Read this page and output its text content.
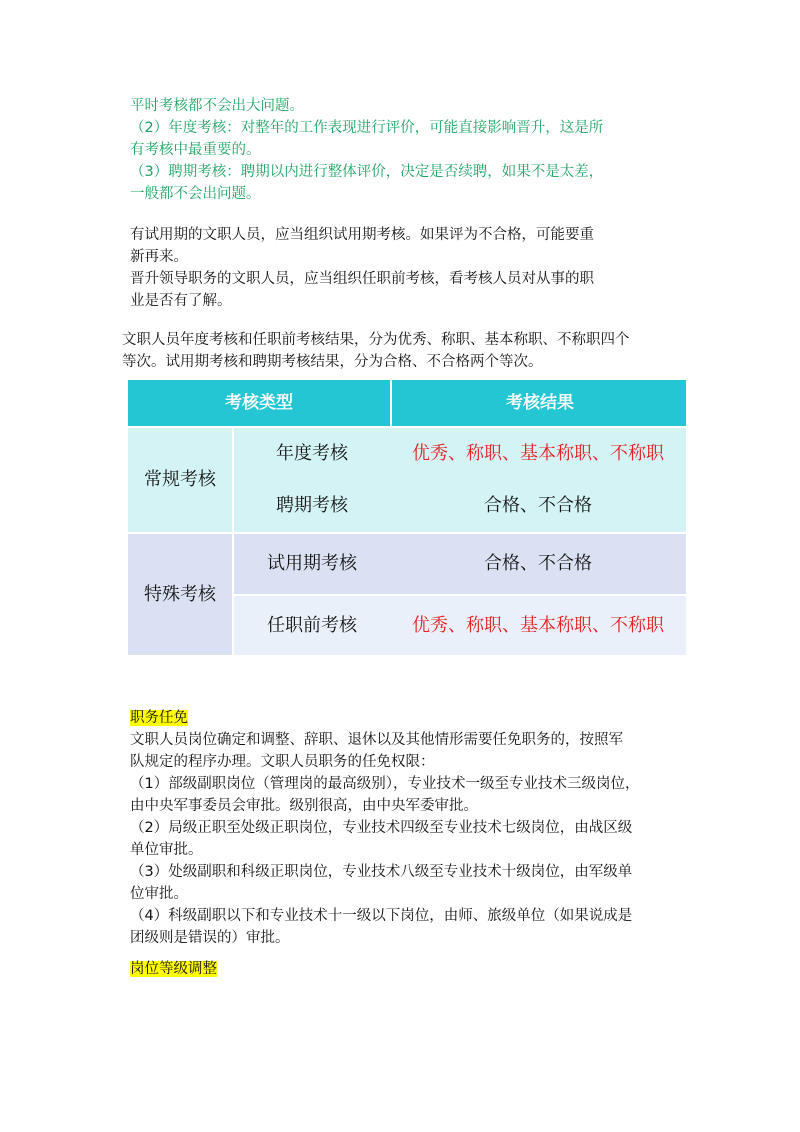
平时考核都不会出大问题。

（2）年度考核：对整年的工作表现进行评价，可能直接影响晋升，这是所

有考核中最重要的。

（3）聘期考核：聘期以内进行整体评价，决定是否续聘，如果不是太差，

一般都不会出问题。

有试用期的文职人员，应当组织试用期考核。如果评为不合格，可能要重

新再来。

晋升领导职务的文职人员，应当组织任职前考核，看考核人员对从事的职

业是否有了解。

文职人员年度考核和任职前考核结果，分为优秀、称职、基本称职、不称职四个
等次。试用期考核和聘期考核结果，分为合格、不合格两个等次。
考核类型	考核结果
常规考核
年度考核	优秀、称职、基本称职、不称职
聘期考核	合格、不合格
特殊考核
试用期考核	合格、不合格
任职前考核	优秀、称职、基本称职、不称职

职务任免

文职人员岗位确定和调整、辞职、退休以及其他情形需要任免职务的，按照军

队规定的程序办理。文职人员职务的任免权限：

（1）部级副职岗位（管理岗的最高级别），专业技术一级至专业技术三级岗位，

由中央军事委员会审批。级别很高，由中央军委审批。

（2）局级正职至处级正职岗位，专业技术四级至专业技术七级岗位，由战区级

单位审批。

（3）处级副职和科级正职岗位，专业技术八级至专业技术十级岗位，由军级单

位审批。

（4）科级副职以下和专业技术十一级以下岗位，由师、旅级单位（如果说成是

团级则是错误的）审批。

岗位等级调整
